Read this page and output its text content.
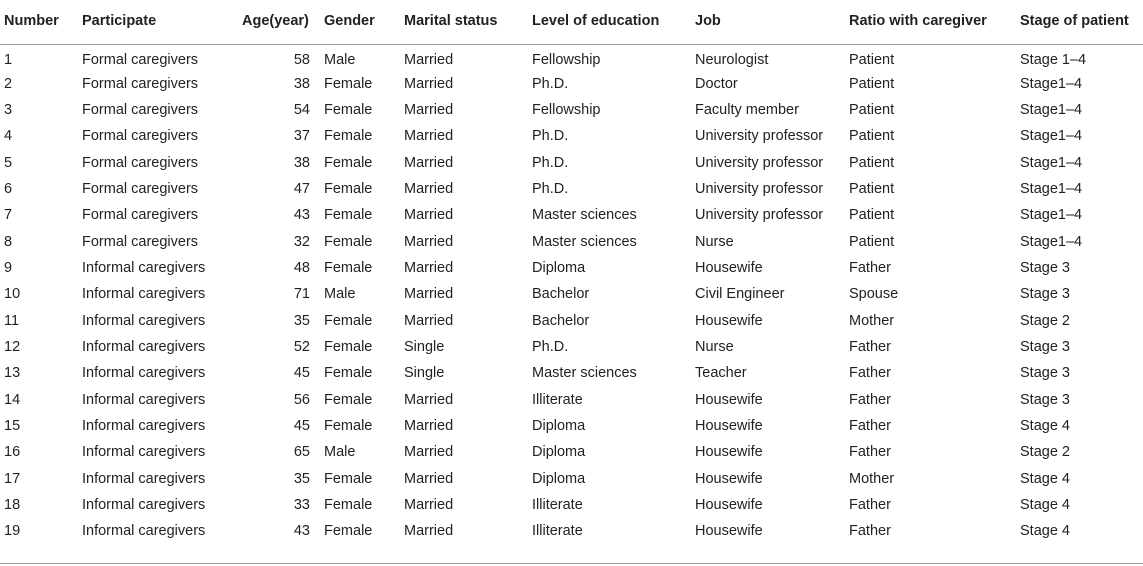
Number	Participate	Age(year)	Gender	Marital status	Level of education	Job	Ratio with caregiver	Stage of patient
1	Formal caregivers	58	Male	Married	Fellowship	Neurologist	Patient	Stage 1–4
2	Formal caregivers	38	Female	Married	Ph.D.	Doctor	Patient	Stage1–4
3	Formal caregivers	54	Female	Married	Fellowship	Faculty member	Patient	Stage1–4
4	Formal caregivers	37	Female	Married	Ph.D.	University professor	Patient	Stage1–4
5	Formal caregivers	38	Female	Married	Ph.D.	University professor	Patient	Stage1–4
6	Formal caregivers	47	Female	Married	Ph.D.	University professor	Patient	Stage1–4
7	Formal caregivers	43	Female	Married	Master sciences	University professor	Patient	Stage1–4
8	Formal caregivers	32	Female	Married	Master sciences	Nurse	Patient	Stage1–4
9	Informal caregivers	48	Female	Married	Diploma	Housewife	Father	Stage 3
10	Informal caregivers	71	Male	Married	Bachelor	Civil Engineer	Spouse	Stage 3
11	Informal caregivers	35	Female	Married	Bachelor	Housewife	Mother	Stage 2
12	Informal caregivers	52	Female	Single	Ph.D.	Nurse	Father	Stage 3
13	Informal caregivers	45	Female	Single	Master sciences	Teacher	Father	Stage 3
14	Informal caregivers	56	Female	Married	Illiterate	Housewife	Father	Stage 3
15	Informal caregivers	45	Female	Married	Diploma	Housewife	Father	Stage 4
16	Informal caregivers	65	Male	Married	Diploma	Housewife	Father	Stage 2
17	Informal caregivers	35	Female	Married	Diploma	Housewife	Mother	Stage 4
18	Informal caregivers	33	Female	Married	Illiterate	Housewife	Father	Stage 4
19	Informal caregivers	43	Female	Married	Illiterate	Housewife	Father	Stage 4
